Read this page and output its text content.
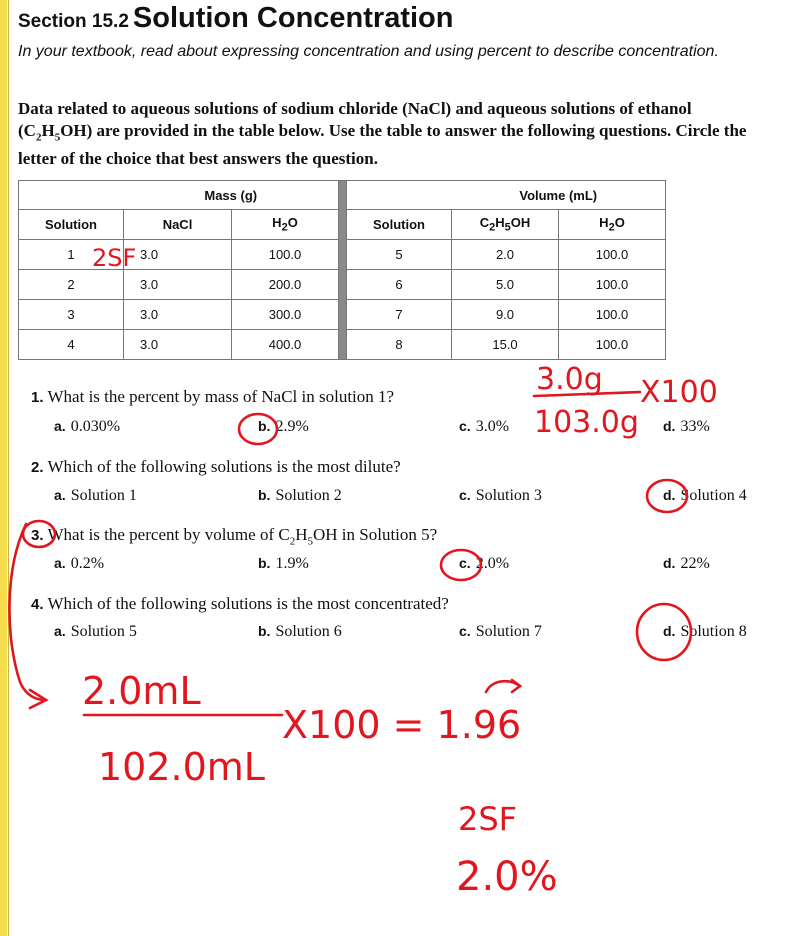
Section 15.2 Solution Concentration
In your textbook, read about expressing concentration and using percent to describe concentration.
Data related to aqueous solutions of sodium chloride (NaCl) and aqueous solutions of ethanol $(C_2H_5OH)$ are provided in the table below. Use the table to answer the following questions. Circle the letter of the choice that best answers the question.
	Mass (g)				Volume (mL)	
Solution	NaCl	$H_2O$		Solution	$C_2H_5OH$	$H_2O$
1	3.0	100.0		5	2.0	100.0
2	3.0	200.0		6	5.0	100.0
3	3.0	300.0		7	9.0	100.0
4	3.0	400.0		8	15.0	100.0
1. What is the percent by mass of NaCl in solution 1?
a. 0.030%	b. 2.9%	c. 3.0%	d. 33%
2. Which of the following solutions is the most dilute?
a. Solution 1	b. Solution 2	c. Solution 3	d. Solution 4
3. What is the percent by volume of $C_2H_5OH$ in Solution 5?
a. 0.2%	b. 1.9%	c. 2.0%	d. 22%
4. Which of the following solutions is the most concentrated?
a. Solution 5	b. Solution 6	c. Solution 7	d. Solution 8
2SF
3.0g X100
103.0g
2.0mL
X100 = 1.96
102.0mL
2SF
2.0%
